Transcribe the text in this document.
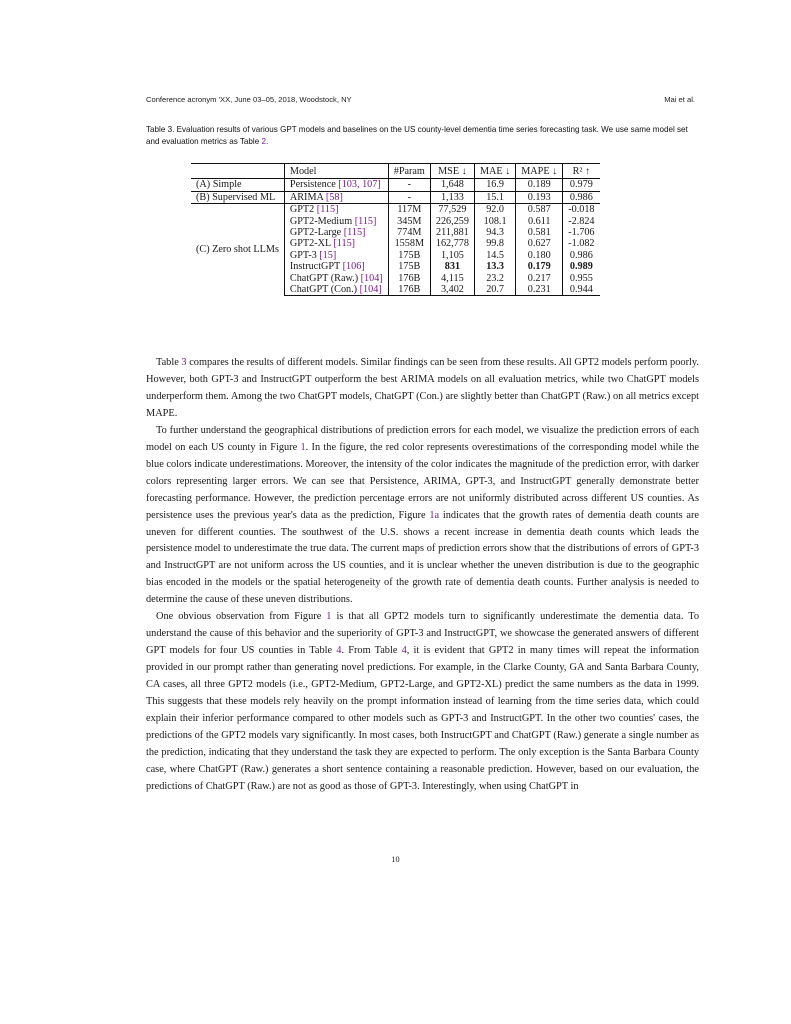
Conference acronym 'XX, June 03–05, 2018, Woodstock, NY	Mai et al.
Table 3. Evaluation results of various GPT models and baselines on the US county-level dementia time series forecasting task. We use same model set and evaluation metrics as Table 2.
	Model	#Param	MSE ↓	MAE ↓	MAPE ↓	R² ↑
(A) Simple	Persistence [103, 107]	-	1,648	16.9	0.189	0.979
(B) Supervised ML	ARIMA [58]	-	1,133	15.1	0.193	0.986
(C) Zero shot LLMs	GPT2 [115]	117M	77,529	92.0	0.587	-0.018
	GPT2-Medium [115]	345M	226,259	108.1	0.611	-2.824
	GPT2-Large [115]	774M	211,881	94.3	0.581	-1.706
	GPT2-XL [115]	1558M	162,778	99.8	0.627	-1.082
	GPT-3 [15]	175B	1,105	14.5	0.180	0.986
	InstructGPT [106]	175B	831	13.3	0.179	0.989
	ChatGPT (Raw.) [104]	176B	4,115	23.2	0.217	0.955
	ChatGPT (Con.) [104]	176B	3,402	20.7	0.231	0.944

Table 3 compares the results of different models. Similar findings can be seen from these results. All GPT2 models perform poorly. However, both GPT-3 and InstructGPT outperform the best ARIMA models on all evaluation metrics, while two ChatGPT models underperform them. Among the two ChatGPT models, ChatGPT (Con.) are slightly better than ChatGPT (Raw.) on all metrics except MAPE.

To further understand the geographical distributions of prediction errors for each model, we visualize the prediction errors of each model on each US county in Figure 1. In the figure, the red color represents overestimations of the corresponding model while the blue colors indicate underestimations. Moreover, the intensity of the color indicates the magnitude of the prediction error, with darker colors representing larger errors. We can see that Persistence, ARIMA, GPT-3, and InstructGPT generally demonstrate better forecasting performance. However, the prediction percentage errors are not uniformly distributed across different US counties. As persistence uses the previous year's data as the prediction, Figure 1a indicates that the growth rates of dementia death counts are uneven for different counties. The southwest of the U.S. shows a recent increase in dementia death counts which leads the persistence model to underestimate the true data. The current maps of prediction errors show that the distributions of errors of GPT-3 and InstructGPT are not uniform across the US counties, and it is unclear whether the uneven distribution is due to the geographic bias encoded in the models or the spatial heterogeneity of the growth rate of dementia death counts. Further analysis is needed to determine the cause of these uneven distributions.

One obvious observation from Figure 1 is that all GPT2 models turn to significantly underestimate the dementia data. To understand the cause of this behavior and the superiority of GPT-3 and InstructGPT, we showcase the generated answers of different GPT models for four US counties in Table 4. From Table 4, it is evident that GPT2 in many times will repeat the information provided in our prompt rather than generating novel predictions. For example, in the Clarke County, GA and Santa Barbara County, CA cases, all three GPT2 models (i.e., GPT2-Medium, GPT2-Large, and GPT2-XL) predict the same numbers as the data in 1999. This suggests that these models rely heavily on the prompt information instead of learning from the time series data, which could explain their inferior performance compared to other models such as GPT-3 and InstructGPT. In the other two counties' cases, the predictions of the GPT2 models vary significantly. In most cases, both InstructGPT and ChatGPT (Raw.) generate a single number as the prediction, indicating that they understand the task they are expected to perform. The only exception is the Santa Barbara County case, where ChatGPT (Raw.) generates a short sentence containing a reasonable prediction. However, based on our evaluation, the predictions of ChatGPT (Raw.) are not as good as those of GPT-3. Interestingly, when using ChatGPT in

10
